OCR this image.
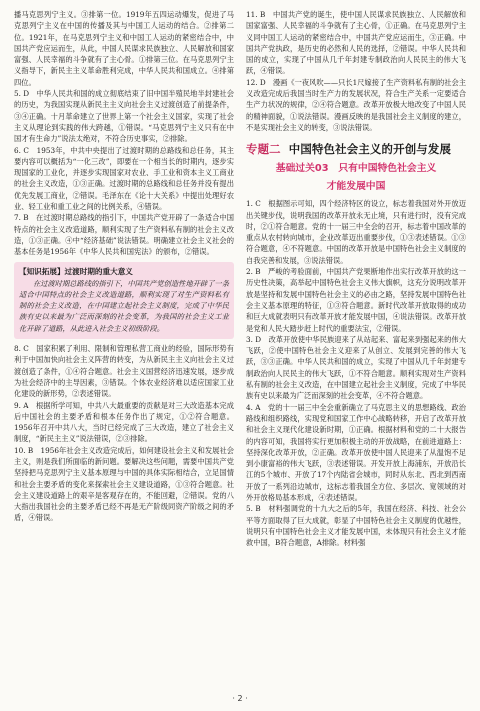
播马克思列宁主义。③排第一位。1919年五四运动爆发，促进了马克思列宁主义在中国的传播及其与中国工人运动的结合。②排第二位。1921年，在马克思列宁主义和中国工人运动的紧密结合中，中国共产党应运而生，从此，中国人民谋求民族独立、人民解放和国家富强、人民幸福的斗争就有了主心骨。①排第三位。在马克思列宁主义指导下，新民主主义革命胜利完成，中华人民共和国成立。④排第四位。

5. D　中华人民共和国的成立彻底结束了旧中国半殖民地半封建社会的历史，为我国实现从新民主主义向社会主义过渡创造了前提条件，③④正确。十月革命建立了世界上第一个社会主义国家，实现了社会主义从理论到实践的伟大跨越，①错误。“马克思列宁主义只有在中国才有生命力”说法太绝对，不符合历史事实，②排除。

6. C　1953年，中共中央提出了过渡时期的总路线和总任务，其主要内容可以概括为“一化三改”，即要在一个相当长的时期内，逐步实现国家的工业化，并逐步实现国家对农业、手工业和资本主义工商业的社会主义改造，①③正确。过渡时期的总路线和总任务并没有提出优先发展工商业，②错误。毛泽东在《论十大关系》中提出处理好农业、轻工业和重工业之间的比例关系，④错误。

7. B　在过渡时期总路线的指引下，中国共产党开辟了一条适合中国特点的社会主义改造道路，顺利实现了生产资料私有制的社会主义改造，①③正确。④中“经济基础”说法错误。明确建立社会主义社会的基本任务是1956年《中华人民共和国宪法》的颁布，②错误。

【知识拓展】过渡时期的重大意义
在过渡时期总路线的指引下，中国共产党创造性地开辟了一条适合中国特点的社会主义改造道路，顺利实现了对生产资料私有制的社会主义改造，在中国建立起社会主义制度，完成了中华民族有史以来最为广泛而深刻的社会变革，为我国的社会主义工业化开辟了道路，从此进入社会主义初级阶段。

8. C　国家积累了利用、限制和管理私营工商业的经验，国际形势有利于中国加快向社会主义阵营的转变，为从新民主主义向社会主义过渡创造了条件，①④符合题意。社会主义国营经济迅速发展，逐步成为社会经济中的主导因素，③错误。个体农业经济难以适应国家工业化建设的新形势，②表述错误。

9. A　根据所学可知，中共八大最重要的贡献是对三大改造基本完成后中国社会的主要矛盾和根本任务作出了规定，①②符合题意。1956年召开中共八大，当时已经完成了三大改造，建立了社会主义制度，“新民主主义”说法错误，②③排除。

10. B　1956年社会主义改造完成后，如何建设社会主义和发展社会主义，则是我们所面临的新问题。要解决这些问题，需要中国共产党坚持把马克思列宁主义基本原理与中国的具体实际相结合，立足国情和社会主要矛盾的变化来探索社会主义建设道路，①③符合题意。社会主义建设道路上的艰辛是客观存在的，不能回避，②错误。党的八大指出我国社会的主要矛盾已经不再是无产阶级同资产阶级之间的矛盾，④错误。

11. B　中国共产党的诞生，使中国人民谋求民族独立、人民解放和国家富强、人民幸福的斗争就有了主心骨，①正确。在马克思列宁主义同中国工人运动的紧密结合中，中国共产党应运而生，③正确。中国共产党执政，是历史的必然和人民的选择，②错误。中华人民共和国的成立，实现了中国从几千年封建专制政治向人民民主的伟大飞跃，④错误。

12. D　漫画《一夜风吹——只长1尺嫁接了生产资料私有制的社会主义改造完成后我国当时生产力的发展状况，符合生产关系一定要适合生产力状况的规律，②④符合题意。改革开放极大地改变了中国人民的精神面貌，①说法错误。漫画反映的是我国社会主义制度的建立，不是实现社会主义的转变，③说法错误。

专题二 中国特色社会主义的开创与发展
基础过关03　只有中国特色社会主义
才能发展中国

1. C　根据图示可知，四个经济特区的设立，标志着我国对外开放迈出关键步伐，说明我国的改革开放永无止境，只有进行时，没有完成时，②①符合题意。党的十一届三中全会的召开，标志着中国改革的重点从农村转向城市，企业改革迈出重要步伐，①③表述错误。①③符合题意，④不符题意。中国的改革开放是中国特色社会主义制度的自我完善和发展，③说法错误。

2. B　严峻的考验面前，中国共产党果断地作出实行改革开放的这一历史性决策，高举起中国特色社会主义伟大旗帜，这充分说明改革开放是坚持和发展中国特色社会主义的必由之路，坚持发展中国特色社会主义基本原理的特征，①③符合题意。新时代改革开放取得的成功和巨大成就表明只有改革开放才能发展中国，④说法错误。改革开放是党和人民大踏步赶上时代的重要法宝，②错误。

3. D　改革开放使中华民族迎来了从站起来、富起来到强起来的伟大飞跃，②使中国特色社会主义迎来了从创立、发展到完善的伟大飞跃，③③正确。中华人民共和国的成立，实现了中国从几千年封建专制政治向人民民主的伟大飞跃，①不符合题意。顺利实现对生产资料私有制的社会主义改造，在中国建立起社会主义制度，完成了中华民族有史以来最为广泛而深刻的社会变革，④不符合题意。

4. A　党的十一届三中全会重新确立了马克思主义的思想路线、政治路线和组织路线，实现党和国家工作中心战略转移，开启了改革开放和社会主义现代化建设新时期，①正确。根据材料和党的二十大报告的内容可知，我国将实行更加积极主动的开放战略，在前进道路上：坚持深化改革开放，②正确。改革开放使中国人民迎来了从温饱不足到小康富裕的伟大飞跃，③表述错误。开发开放上海浦东，开放沿长江的5个城市、开放了17个内陆省会城市，同时从东北、西北到西南开放了一系列沿边城市，这标志着我国全方位、多层次、宽领域的对外开放格局基本形成，④表述错误。

5. B　材料强调党的十九大之后的5年，我国在经济、科技、社会公平等方面取得了巨大成就，彰显了中国特色社会主义制度的优越性，说明只有中国特色社会主义才能发展中国，未体现只有社会主义才能救中国，B符合题意，A排除。材料强

· 2 ·
